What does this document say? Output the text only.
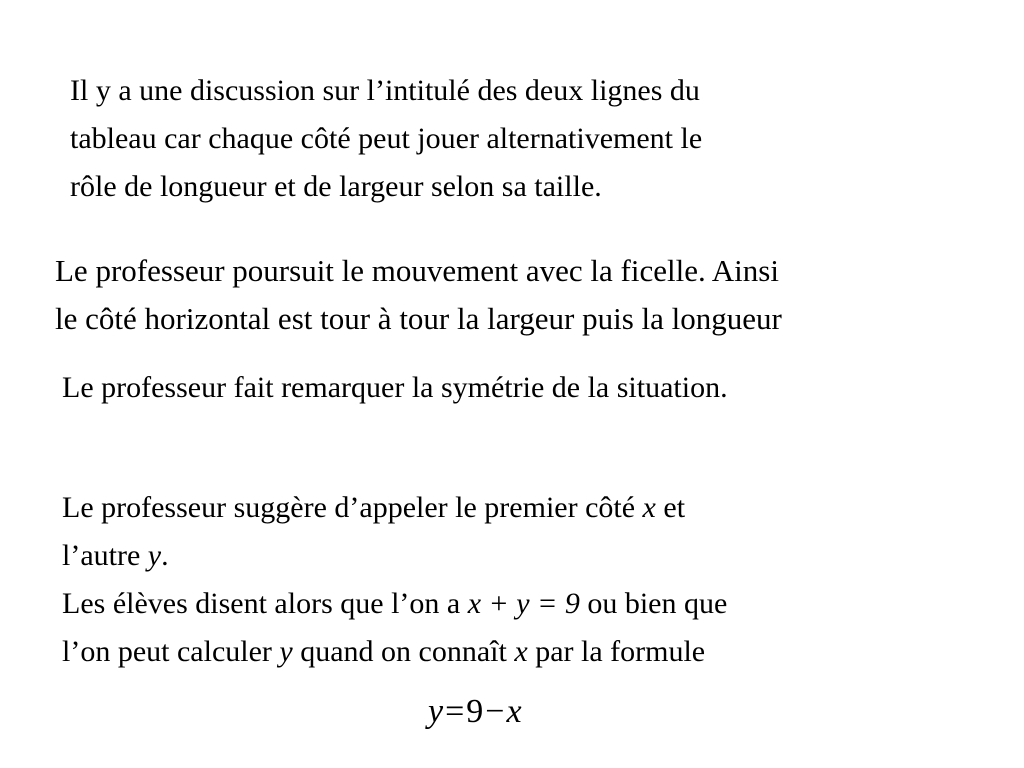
Il y a une discussion sur l’intitulé des deux lignes du
tableau car chaque côté peut jouer alternativement le
rôle de longueur et de largeur selon sa taille.
Le professeur poursuit le mouvement avec la ficelle. Ainsi
le côté horizontal est tour à tour la largeur puis la longueur
Le professeur fait remarquer la symétrie de la situation.
Le professeur suggère d’appeler le premier côté x et
l’autre y.
Les élèves disent alors que l’on a x + y = 9 ou bien que
l’on peut calculer y quand on connaît x par la formule
y=9−x
